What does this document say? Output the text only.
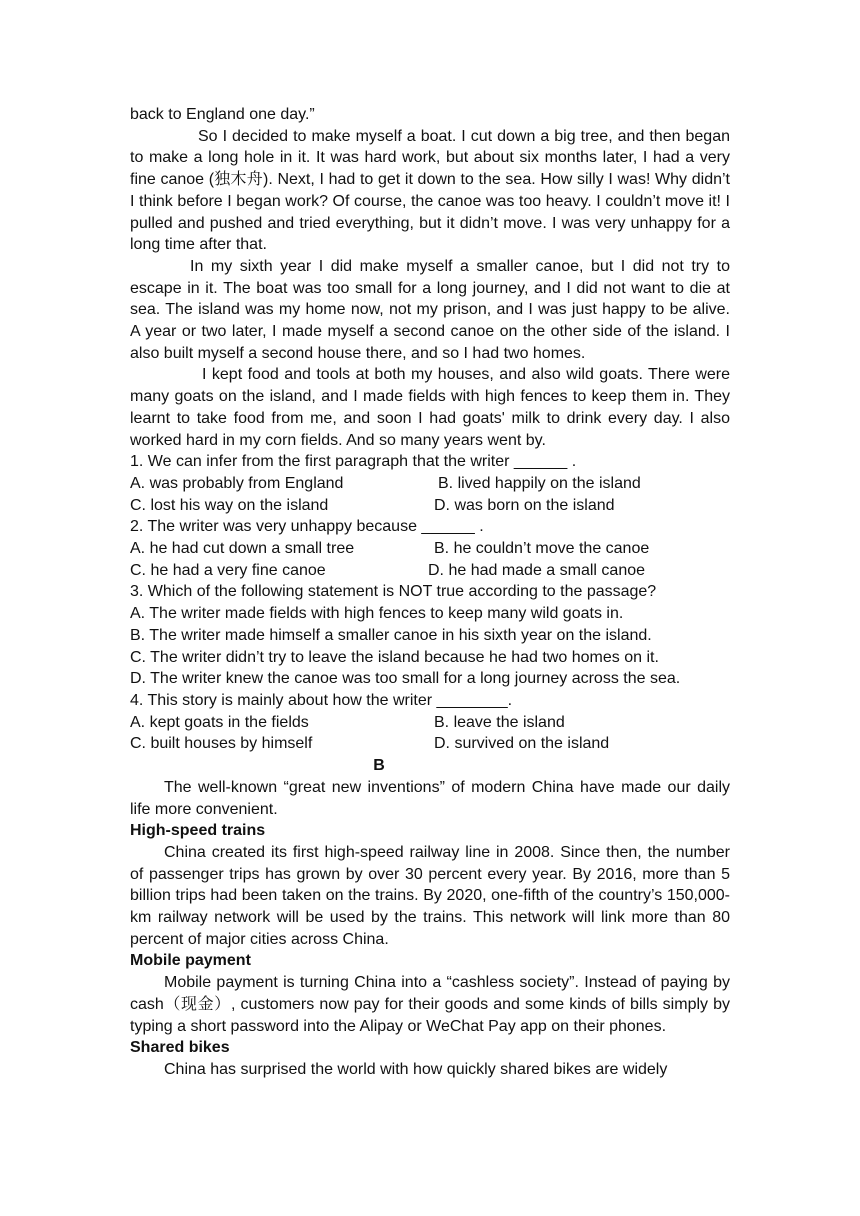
back to England one day.”

So I decided to make myself a boat. I cut down a big tree, and then began to make a long hole in it. It was hard work, but about six months later, I had a very fine canoe (独木舟). Next, I had to get it down to the sea. How silly I was! Why didn’t I think before I began work? Of course, the canoe was too heavy. I couldn’t move it! I pulled and pushed and tried everything, but it didn’t move. I was very unhappy for a long time after that.

In my sixth year I did make myself a smaller canoe, but I did not try to escape in it. The boat was too small for a long journey, and I did not want to die at sea. The island was my home now, not my prison, and I was just happy to be alive. A year or two later, I made myself a second canoe on the other side of the island. I also built myself a second house there, and so I had two homes.

I kept food and tools at both my houses, and also wild goats. There were many goats on the island, and I made fields with high fences to keep them in. They learnt to take food from me, and soon I had goats' milk to drink every day. I also worked hard in my corn fields. And so many years went by.

1. We can infer from the first paragraph that the writer ______ .

A. was probably from England	B. lived happily on the island
C. lost his way on the island	D. was born on the island

2. The writer was very unhappy because ______ .

A. he had cut down a small tree	B. he couldn’t move the canoe
C. he had a very fine canoe	D. he had made a small canoe

3. Which of the following statement is NOT true according to the passage?

A. The writer made fields with high fences to keep many wild goats in.

B. The writer made himself a smaller canoe in his sixth year on the island.

C. The writer didn’t try to leave the island because he had two homes on it.

D. The writer knew the canoe was too small for a long journey across the sea.

4. This story is mainly about how the writer ________.

A. kept goats in the fields	B. leave the island
C. built houses by himself	D. survived on the island

B

The well-known “great new inventions” of modern China have made our daily life more convenient.

High-speed trains

China created its first high-speed railway line in 2008. Since then, the number of passenger trips has grown by over 30 percent every year. By 2016, more than 5 billion trips had been taken on the trains. By 2020, one-fifth of the country’s 150,000-km railway network will be used by the trains. This network will link more than 80 percent of major cities across China.

Mobile payment

Mobile payment is turning China into a “cashless society”. Instead of paying by cash（现金）, customers now pay for their goods and some kinds of bills simply by typing a short password into the Alipay or WeChat Pay app on their phones.

Shared bikes

China has surprised the world with how quickly shared bikes are widely
